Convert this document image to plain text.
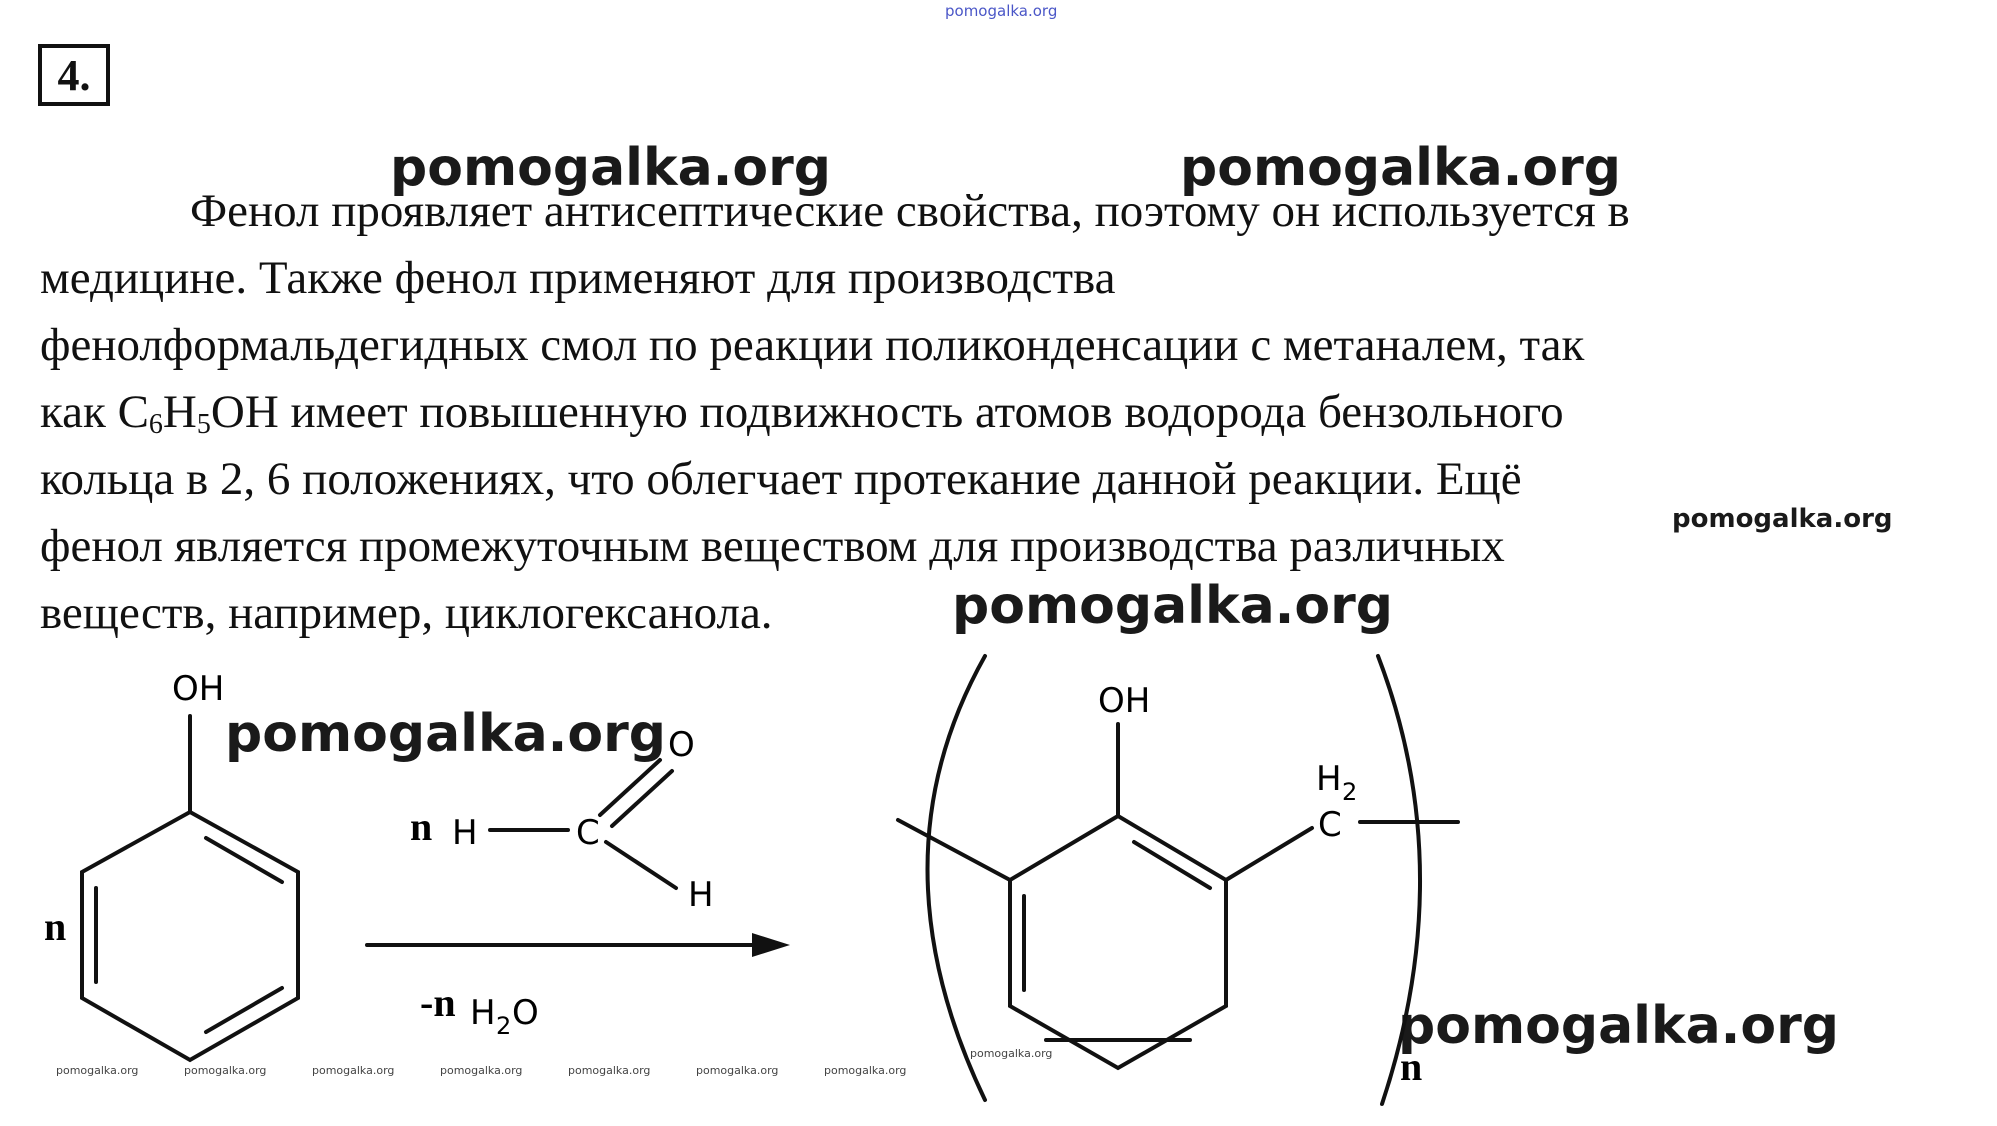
pomogalka.org
4.

Фенол проявляет антисептические свойства, поэтому он используется в

медицине. Также фенол применяют для производства

фенолформальдегидных смол по реакции поликонденсации с метаналем, так

как $C_6H_5OH$ имеет повышенную подвижность атомов водорода бензольного

кольца в 2, 6 положениях, что облегчает протекание данной реакции. Ещё

фенол является промежуточным веществом для производства различных

веществ, например, циклогексанола.

pomogalka.org	pomogalka.org
pomogalka.org
pomogalka.org
pomogalka.org
pomogalka.org
pomogalka.org	pomogalka.org	pomogalka.org	pomogalka.org	pomogalka.org	pomogalka.org	pomogalka.org
pomogalka.org
OH
n
n H	C
O
H
-n H 2 O
OH
H 2
C
n
